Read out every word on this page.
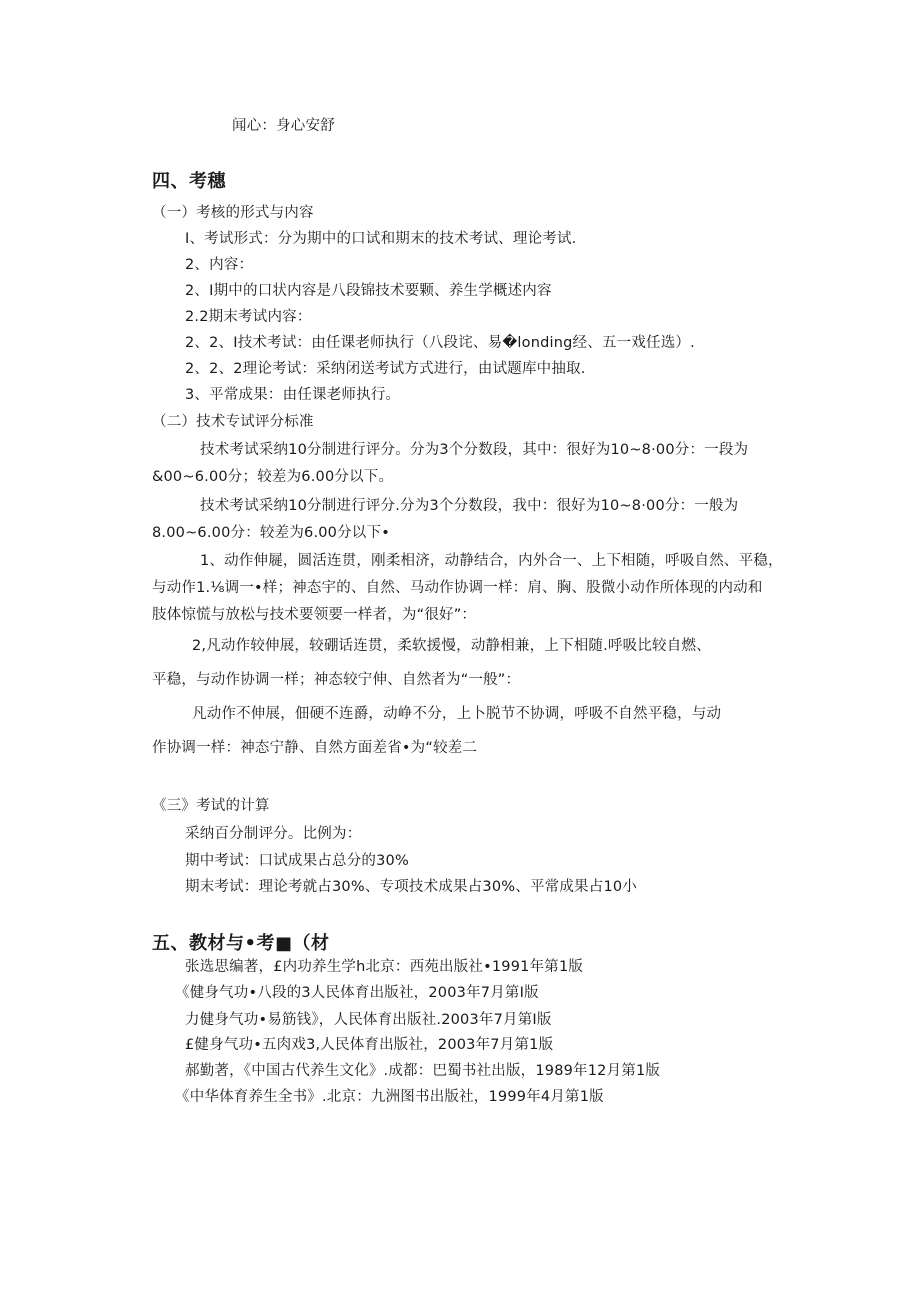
闻心：身心安舒
四、考穗
（一）考核的形式与内容
I、考试形式：分为期中的口试和期末的技术考试、理论考试.
2、内容：
2、I期中的口状内容是八段锦技术要颗、养生学概述内容
2.2期末考试内容：
2、2、I技术考试：由任课老师执行（八段诧、易�londing经、五一戏任选）.
2、2、2理论考试：采纳闭送考试方式进行，由试题库中抽取.
3、平常成果：由任课老师执行。
（二）技术专试评分标准
技术考试采纳10分制进行评分。分为3个分数段，其中：很好为10~8·00分：一段为
&00~6.00分；较差为6.00分以下。
技术考试采纳10分制进行评分.分为3个分数段，我中：很好为10~8·00分：一般为
8.00~6.00分：较差为6.00分以下•
1、动作伸屣，圆活连贯，刚柔相济，动静结合，内外合一、上下相随，呼吸自然、平稳，
与动作1.⅛调一•样；神态宇的、自然、马动作协调一样：肩、胸、股微小动作所体现的内动和
肢体惊慌与放松与技术要领要一样者，为“很好”：
2,凡动作较伸展，较硼话连贯，柔软援慢，动静相兼，上下相随.呼吸比较自燃、
平稳，与动作协调一样；神态较宁伸、自然者为“一般”：
凡动作不伸展，佃硬不连爵，动峥不分，上卜脱节不协调，呼吸不自然平稳，与动
作协调一样：神态宁静、自然方面差省•为“较差二
《三》考试的计算
采纳百分制评分。比例为：
期中考试：口试成果占总分的30%
期末考试：理论考就占30%、专项技术成果占30%、平常成果占10小
五、教材与•考■（材
张选思编著，£内功养生学h北京：西苑出版社•1991年第1版
《健身气功•八段的3人民体育出版社，2003年7月第I版
力健身气功•易筋钱》，人民体育出版社.2003年7月第I版
£健身气功•五肉戏3,人民体育出版社，2003年7月第1版
郝勤著，《中国古代养生文化》.成都：巴蜀书社出版，1989年12月第1版
《中华体育养生全书》.北京：九洲图书出版社，1999年4月第1版
